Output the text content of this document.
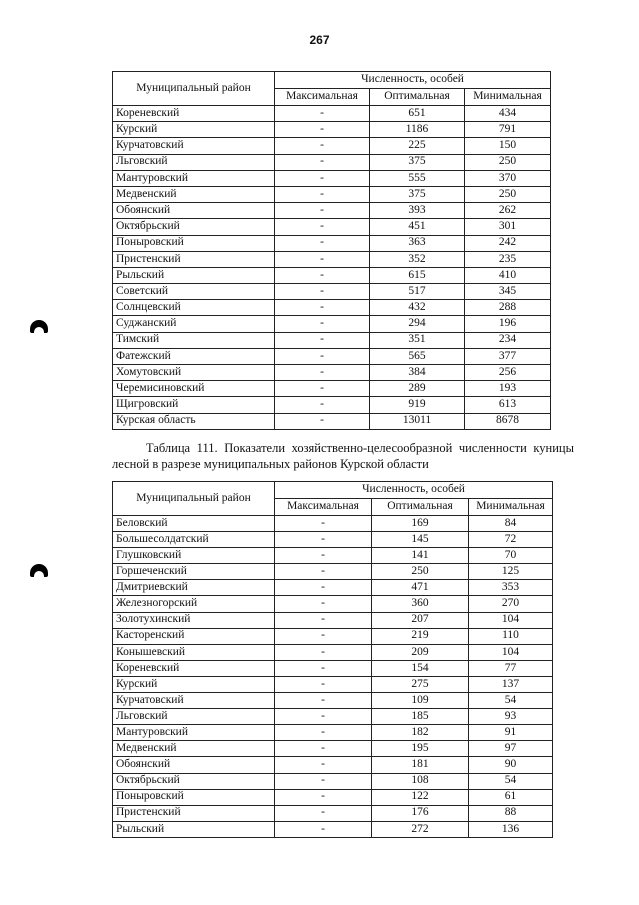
267
Муниципальный район	Численность, особей		
	Максимальная	Оптимальная	Минимальная
Кореневский	-	651	434
Курский	-	1186	791
Курчатовский	-	225	150
Льговский	-	375	250
Мантуровский	-	555	370
Медвенский	-	375	250
Обоянский	-	393	262
Октябрьский	-	451	301
Поныровский	-	363	242
Пристенский	-	352	235
Рыльский	-	615	410
Советский	-	517	345
Солнцевский	-	432	288
Суджанский	-	294	196
Тимский	-	351	234
Фатежский	-	565	377
Хомутовский	-	384	256
Черемисиновский	-	289	193
Щигровский	-	919	613
Курская область	-	13011	8678

Таблица 111. Показатели хозяйственно-целесообразной численности куницы
лесной в разрезе муниципальных районов Курской области

Муниципальный район	Численность, особей		
	Максимальная	Оптимальная	Минимальная
Беловский	-	169	84
Большесолдатский	-	145	72
Глушковский	-	141	70
Горшеченский	-	250	125
Дмитриевский	-	471	353
Железногорский	-	360	270
Золотухинский	-	207	104
Касторенский	-	219	110
Конышевский	-	209	104
Кореневский	-	154	77
Курский	-	275	137
Курчатовский	-	109	54
Льговский	-	185	93
Мантуровский	-	182	91
Медвенский	-	195	97
Обоянский	-	181	90
Октябрьский	-	108	54
Поныровский	-	122	61
Пристенский	-	176	88
Рыльский	-	272	136
